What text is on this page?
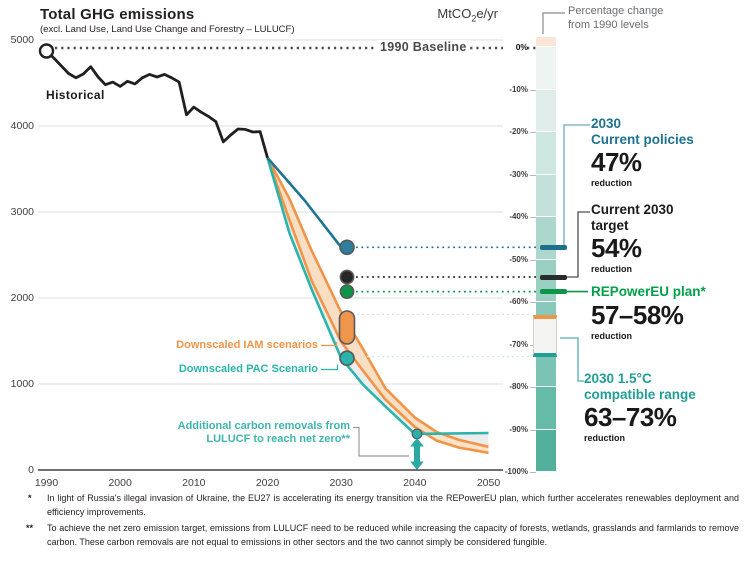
Total GHG emissions
(excl. Land Use, Land Use Change and Forestry – LULUCF)
MtCO$_2$e/yr
5000
4000
3000
2000
1000
0
1990	2000	2010	2020	2030	2040	2050
Historical
1990 Baseline
Downscaled IAM scenarios
Downscaled PAC Scenario
Additional carbon removals from
LULUCF to reach net zero**
Percentage change
from 1990 levels
0%
-10%
-20%
-30%
-40%
-50%
-60%
-70%
-80%
-90%
-100%
2030
Current policies
47%
reduction
Current 2030
target
54%
reduction
REPowerEU plan*
57–58%
reduction
2030 1.5°C
compatible range
63–73%
reduction
* In light of Russia's illegal invasion of Ukraine, the EU27 is accelerating its energy transition via the REPowerEU plan, which further accelerates renewables deployment and efficiency improvements.
** To achieve the net zero emission target, emissions from LULUCF need to be reduced while increasing the capacity of forests, wetlands, grasslands and farmlands to remove carbon. These carbon removals are not equal to emissions in other sectors and the two cannot simply be considered fungible.
